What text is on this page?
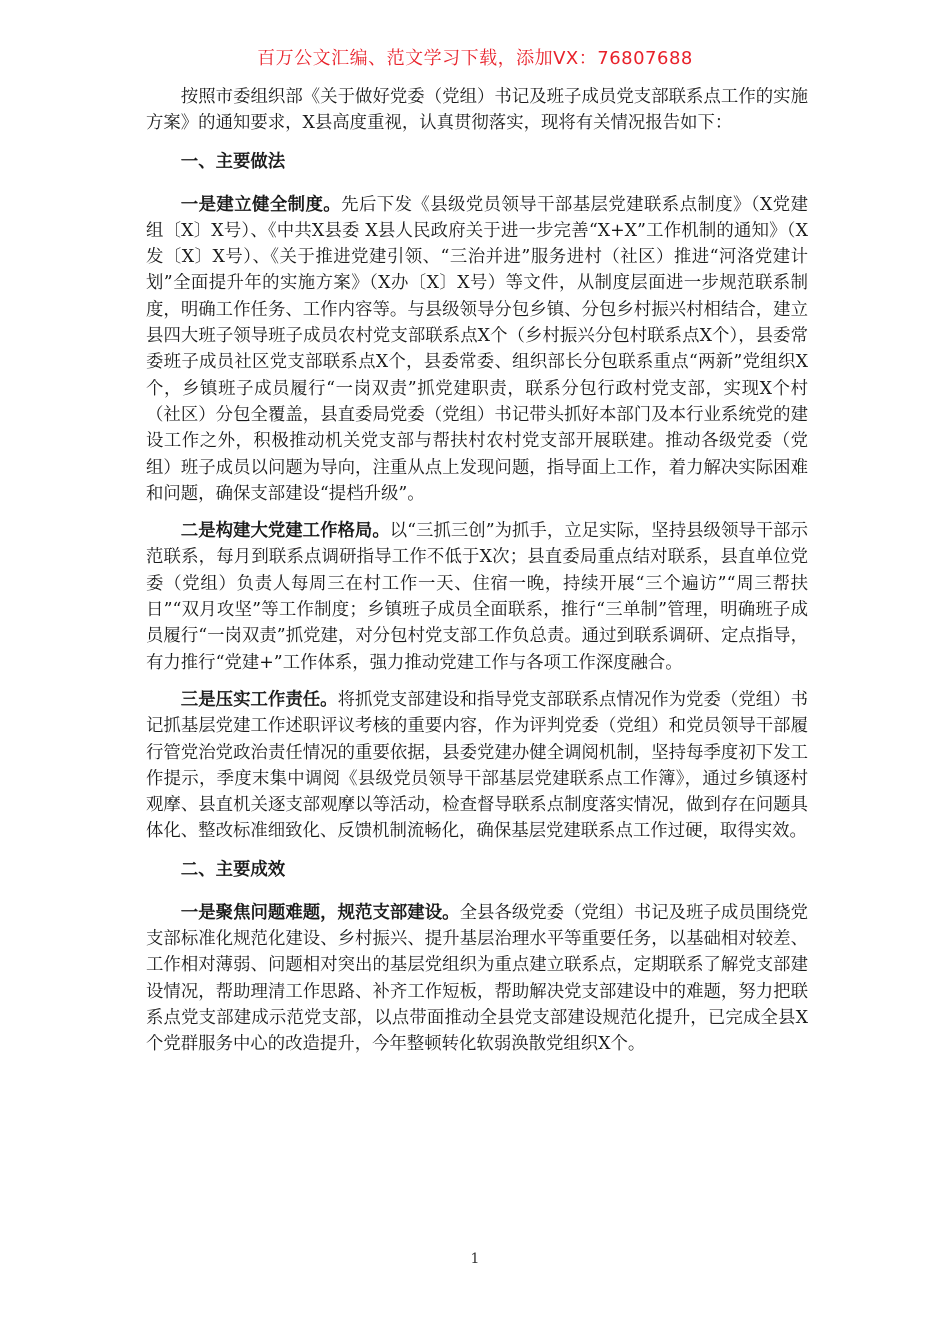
百万公文汇编、范文学习下载，添加VX：76807688

按照市委组织部《关于做好党委（党组）书记及班子成员党支部联系点工作的实施方案》的通知要求，X县高度重视，认真贯彻落实，现将有关情况报告如下：

一、主要做法

一是建立健全制度。先后下发《县级党员领导干部基层党建联系点制度》（X党建组〔X〕X号）、《中共X县委 X县人民政府关于进一步完善“X+X”工作机制的通知》（X发〔X〕X号）、《关于推进党建引领、“三治并进”服务进村（社区）推进“河洛党建计划”全面提升年的实施方案》（X办〔X〕X号）等文件，从制度层面进一步规范联系制度，明确工作任务、工作内容等。与县级领导分包乡镇、分包乡村振兴村相结合，建立县四大班子领导班子成员农村党支部联系点X个（乡村振兴分包村联系点X个），县委常委班子成员社区党支部联系点X个，县委常委、组织部长分包联系重点“两新”党组织X个，乡镇班子成员履行“一岗双责”抓党建职责，联系分包行政村党支部，实现X个村（社区）分包全覆盖，县直委局党委（党组）书记带头抓好本部门及本行业系统党的建设工作之外，积极推动机关党支部与帮扶村农村党支部开展联建。推动各级党委（党组）班子成员以问题为导向，注重从点上发现问题，指导面上工作，着力解决实际困难和问题，确保支部建设“提档升级”。

二是构建大党建工作格局。以“三抓三创”为抓手，立足实际，坚持县级领导干部示范联系，每月到联系点调研指导工作不低于X次；县直委局重点结对联系，县直单位党委（党组）负责人每周三在村工作一天、住宿一晚，持续开展“三个遍访”“周三帮扶日”“双月攻坚”等工作制度；乡镇班子成员全面联系，推行“三单制”管理，明确班子成员履行“一岗双责”抓党建，对分包村党支部工作负总责。通过到联系调研、定点指导，有力推行“党建+”工作体系，强力推动党建工作与各项工作深度融合。

三是压实工作责任。将抓党支部建设和指导党支部联系点情况作为党委（党组）书记抓基层党建工作述职评议考核的重要内容，作为评判党委（党组）和党员领导干部履行管党治党政治责任情况的重要依据，县委党建办健全调阅机制，坚持每季度初下发工作提示，季度末集中调阅《县级党员领导干部基层党建联系点工作簿》，通过乡镇逐村观摩、县直机关逐支部观摩以等活动，检查督导联系点制度落实情况，做到存在问题具体化、整改标准细致化、反馈机制流畅化，确保基层党建联系点工作过硬，取得实效。

二、主要成效

一是聚焦问题难题，规范支部建设。全县各级党委（党组）书记及班子成员围绕党支部标准化规范化建设、乡村振兴、提升基层治理水平等重要任务，以基础相对较差、工作相对薄弱、问题相对突出的基层党组织为重点建立联系点，定期联系了解党支部建设情况，帮助理清工作思路、补齐工作短板，帮助解决党支部建设中的难题，努力把联系点党支部建成示范党支部，以点带面推动全县党支部建设规范化提升，已完成全县X个党群服务中心的改造提升，今年整顿转化软弱涣散党组织X个。

1
